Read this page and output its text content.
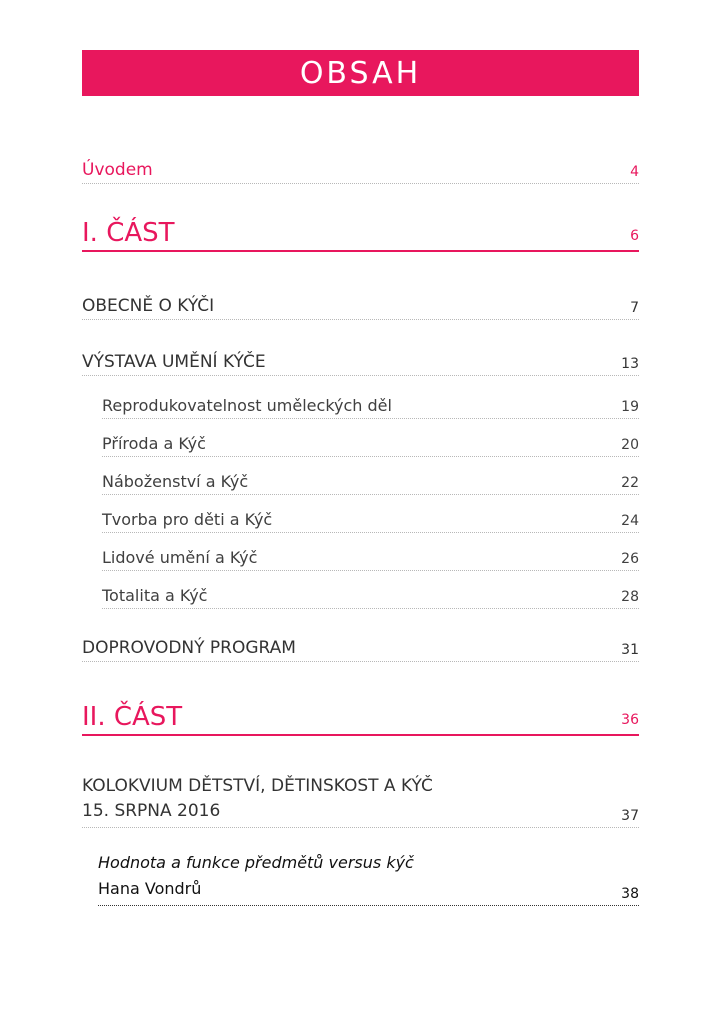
OBSAH
Úvodem	4
I. ČÁST	6
OBECNĚ O KÝČI	7
VÝSTAVA UMĚNÍ KÝČE	13
Reprodukovatelnost uměleckých děl	19
Příroda a Kýč	20
Náboženství a Kýč	22
Tvorba pro děti a Kýč	24
Lidové umění a Kýč	26
Totalita a Kýč	28
DOPROVODNÝ PROGRAM	31
II. ČÁST	36
KOLOKVIUM DĚTSTVÍ, DĚTINSKOST A KÝČ
15. SRPNA 2016	37
Hodnota a funkce předmětů versus kýč
Hana Vondrů	38
